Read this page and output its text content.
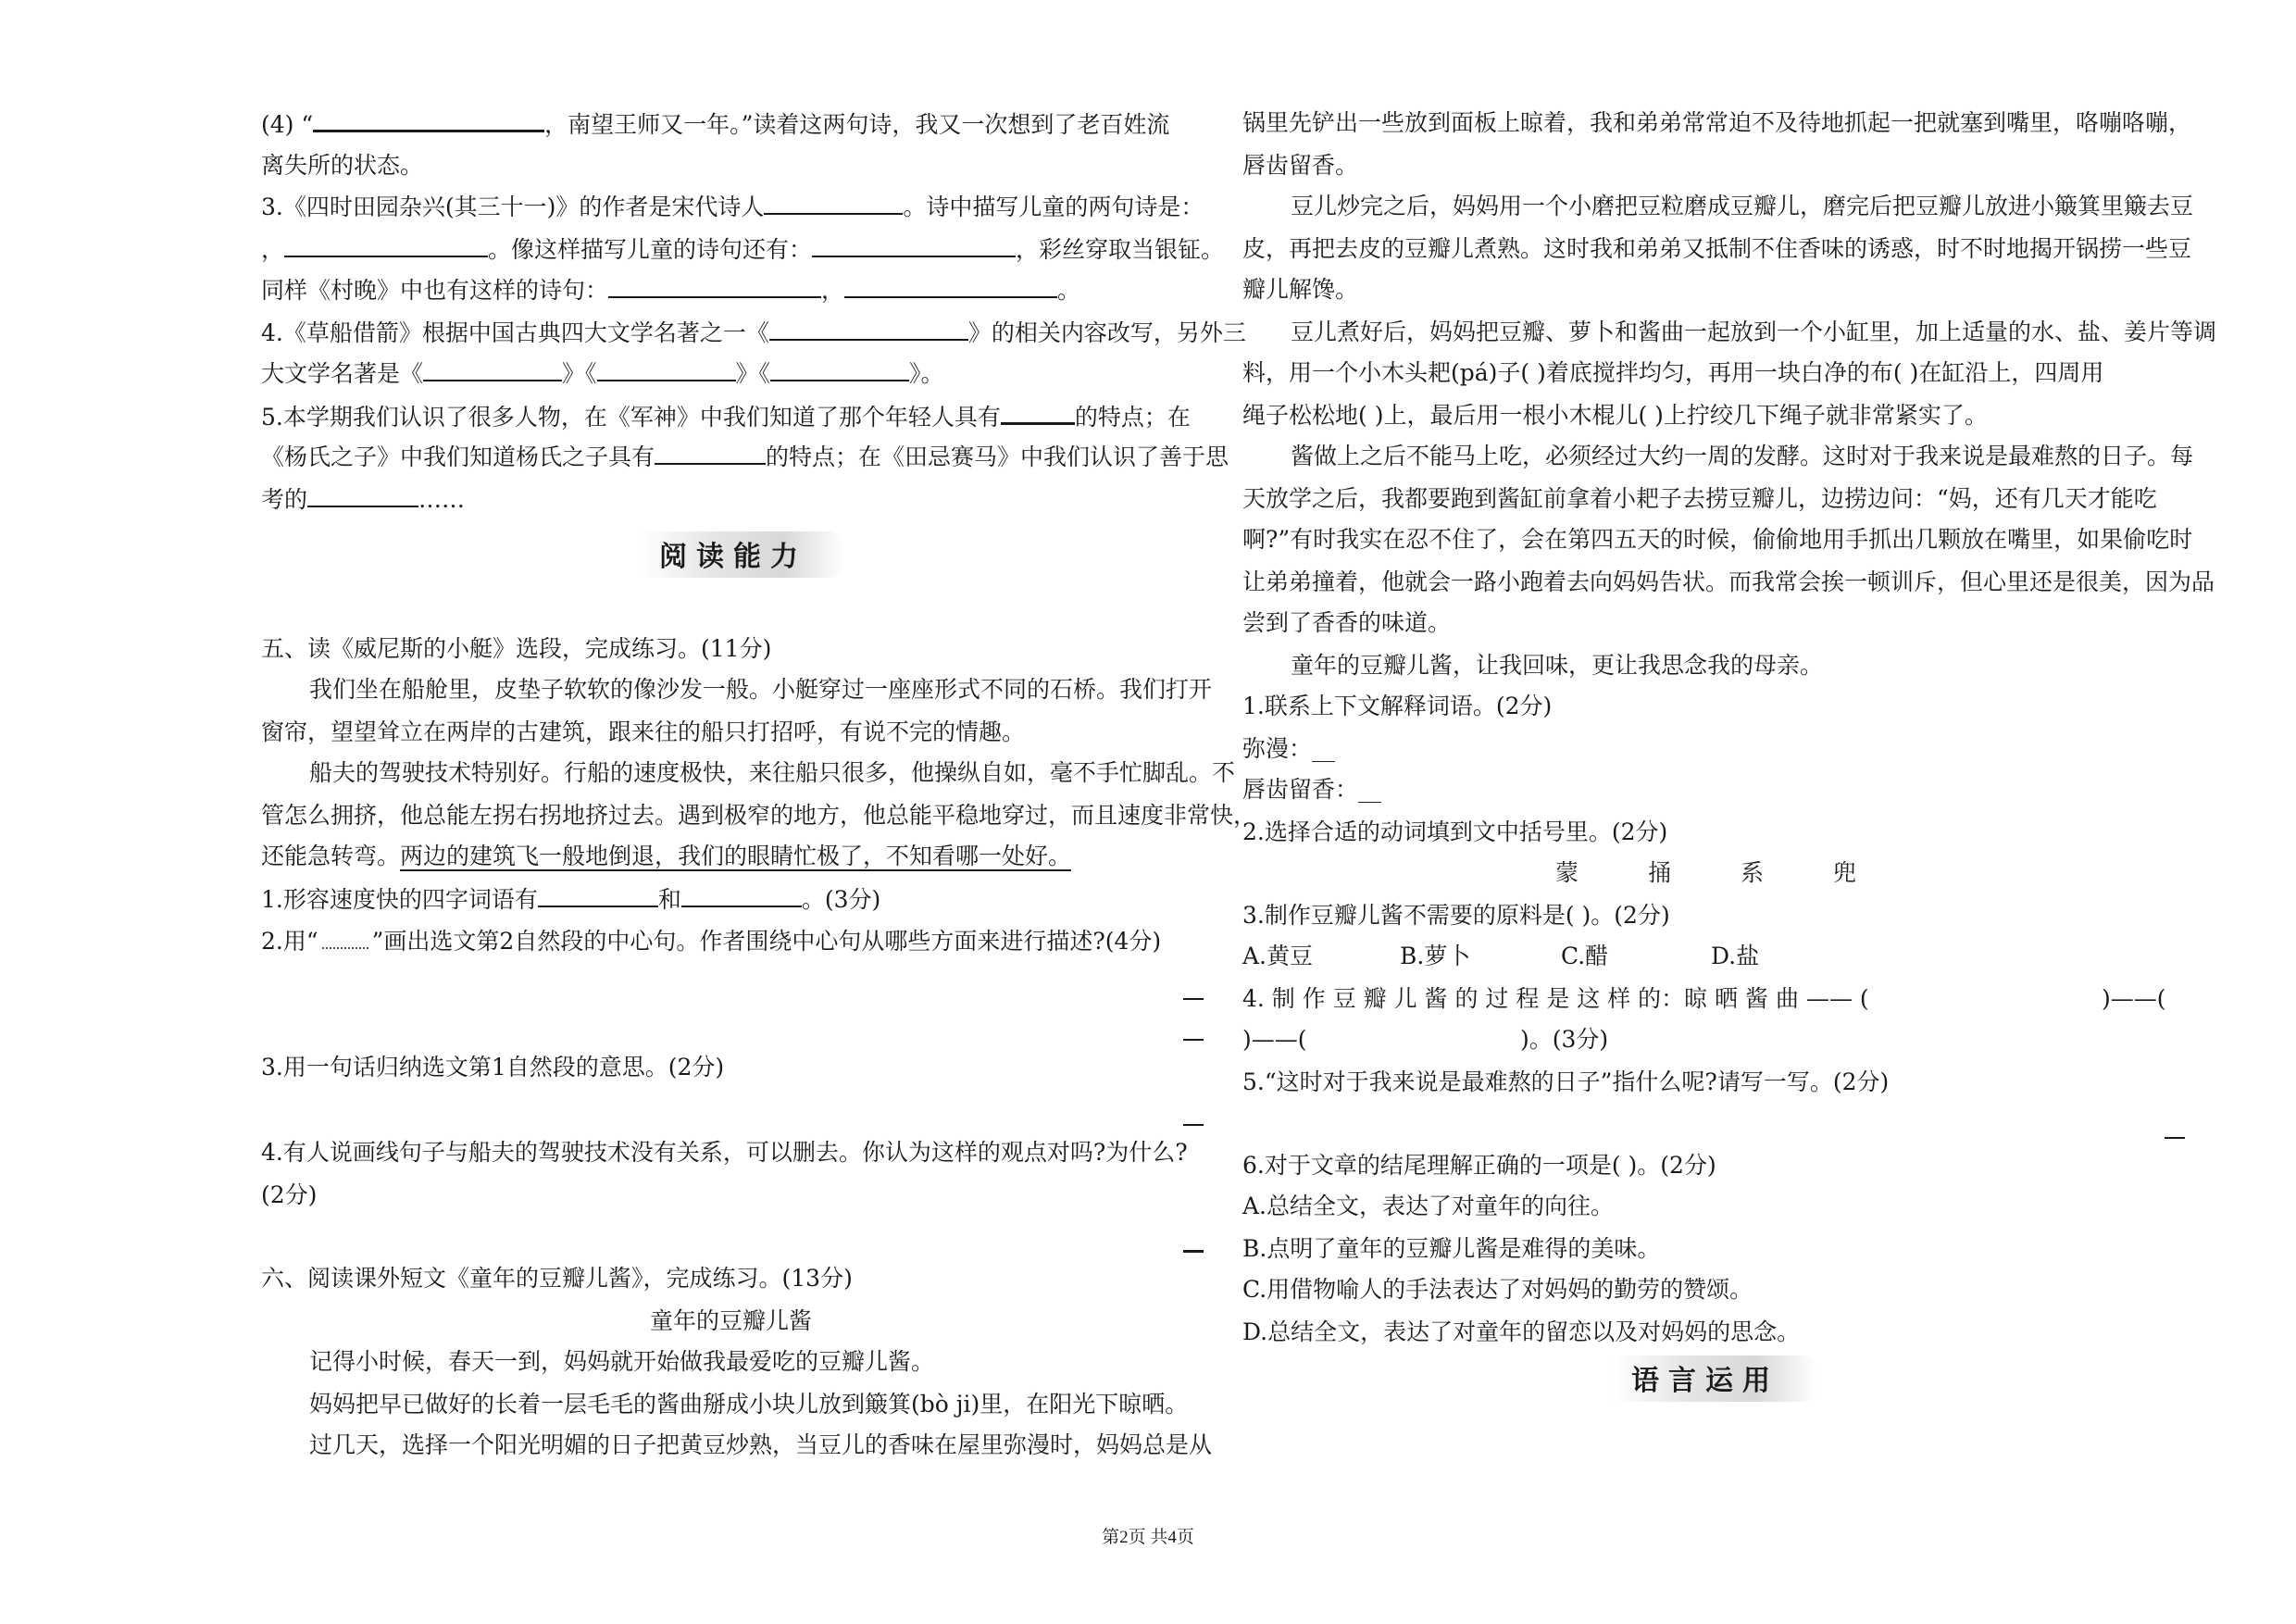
(4) “	，南望王师又一年。”读着这两句诗，我又一次想到了老百姓流
离失所的状态。
3.《四时田园杂兴(其三十一)》的作者是宋代诗人	。诗中描写儿童的两句诗是：
，	。像这样描写儿童的诗句还有：	，彩丝穿取当银钲。
同样《村晚》中也有这样的诗句：	，	。
4.《草船借箭》根据中国古典四大文学名著之一《	》的相关内容改写，另外三
大文学名著是《	》《	》《	》。
5.本学期我们认识了很多人物，在《军神》中我们知道了那个年轻人具有	的特点；在
《杨氏之子》中我们知道杨氏之子具有	的特点；在《田忌赛马》中我们认识了善于思
考的	……
阅读能力
五、读《威尼斯的小艇》选段，完成练习。(11分)
我们坐在船舱里，皮垫子软软的像沙发一般。小艇穿过一座座形式不同的石桥。我们打开
窗帘，望望耸立在两岸的古建筑，跟来往的船只打招呼，有说不完的情趣。
船夫的驾驶技术特别好。行船的速度极快，来往船只很多，他操纵自如，毫不手忙脚乱。不
管怎么拥挤，他总能左拐右拐地挤过去。遇到极窄的地方，他总能平稳地穿过，而且速度非常快，
还能急转弯。两边的建筑飞一般地倒退，我们的眼睛忙极了，不知看哪一处好。
1.形容速度快的四字词语有	和	。(3分)
2.用“ ”画出选文第2自然段的中心句。作者围绕中心句从哪些方面来进行描述?(4分)
3.用一句话归纳选文第1自然段的意思。(2分)
4.有人说画线句子与船夫的驾驶技术没有关系，可以删去。你认为这样的观点对吗?为什么?
(2分)
六、阅读课外短文《童年的豆瓣儿酱》，完成练习。(13分)
童年的豆瓣儿酱
记得小时候，春天一到，妈妈就开始做我最爱吃的豆瓣儿酱。
妈妈把早已做好的长着一层毛毛的酱曲掰成小块儿放到簸箕(bò ji)里，在阳光下晾晒。
过几天，选择一个阳光明媚的日子把黄豆炒熟，当豆儿的香味在屋里弥漫时，妈妈总是从
锅里先铲出一些放到面板上晾着，我和弟弟常常迫不及待地抓起一把就塞到嘴里，咯嘣咯嘣，
唇齿留香。
豆儿炒完之后，妈妈用一个小磨把豆粒磨成豆瓣儿，磨完后把豆瓣儿放进小簸箕里簸去豆
皮，再把去皮的豆瓣儿煮熟。这时我和弟弟又抵制不住香味的诱惑，时不时地揭开锅捞一些豆
瓣儿解馋。
豆儿煮好后，妈妈把豆瓣、萝卜和酱曲一起放到一个小缸里，加上适量的水、盐、姜片等调
料，用一个小木头耙(pá)子( )着底搅拌均匀，再用一块白净的布( )在缸沿上，四周用
绳子松松地( )上，最后用一根小木棍儿( )上拧绞几下绳子就非常紧实了。
酱做上之后不能马上吃，必须经过大约一周的发酵。这时对于我来说是最难熬的日子。每
天放学之后，我都要跑到酱缸前拿着小耙子去捞豆瓣儿，边捞边问：“妈，还有几天才能吃
啊?”有时我实在忍不住了，会在第四五天的时候，偷偷地用手抓出几颗放在嘴里，如果偷吃时
让弟弟撞着，他就会一路小跑着去向妈妈告状。而我常会挨一顿训斥，但心里还是很美，因为品
尝到了香香的味道。
童年的豆瓣儿酱，让我回味，更让我思念我的母亲。
1.联系上下文解释词语。(2分)
弥漫：__
唇齿留香：__
2.选择合适的动词填到文中括号里。(2分)
蒙	捅	系	兜
3.制作豆瓣儿酱不需要的原料是( )。(2分)
A.黄豆	B.萝卜	C.醋	D.盐
4. 制 作 豆 瓣 儿 酱 的 过 程 是 这 样 的：晾 晒 酱 曲 —— (	)——(
)——(	)。(3分)
5.“这时对于我来说是最难熬的日子”指什么呢?请写一写。(2分)
6.对于文章的结尾理解正确的一项是( )。(2分)
A.总结全文，表达了对童年的向往。
B.点明了童年的豆瓣儿酱是难得的美味。
C.用借物喻人的手法表达了对妈妈的勤劳的赞颂。
D.总结全文，表达了对童年的留恋以及对妈妈的思念。
语言运用
第2页 共4页
